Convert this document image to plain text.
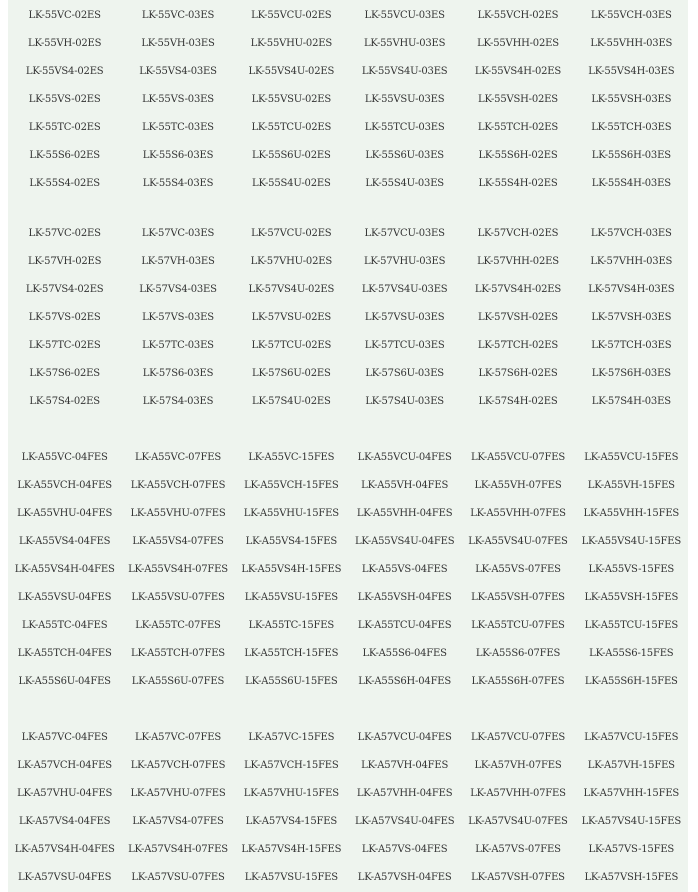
LK-55VC-02ES	LK-55VC-03ES	LK-55VCU-02ES	LK-55VCU-03ES	LK-55VCH-02ES	LK-55VCH-03ES
LK-55VH-02ES	LK-55VH-03ES	LK-55VHU-02ES	LK-55VHU-03ES	LK-55VHH-02ES	LK-55VHH-03ES
LK-55VS4-02ES	LK-55VS4-03ES	LK-55VS4U-02ES	LK-55VS4U-03ES	LK-55VS4H-02ES	LK-55VS4H-03ES
LK-55VS-02ES	LK-55VS-03ES	LK-55VSU-02ES	LK-55VSU-03ES	LK-55VSH-02ES	LK-55VSH-03ES
LK-55TC-02ES	LK-55TC-03ES	LK-55TCU-02ES	LK-55TCU-03ES	LK-55TCH-02ES	LK-55TCH-03ES
LK-55S6-02ES	LK-55S6-03ES	LK-55S6U-02ES	LK-55S6U-03ES	LK-55S6H-02ES	LK-55S6H-03ES
LK-55S4-02ES	LK-55S4-03ES	LK-55S4U-02ES	LK-55S4U-03ES	LK-55S4H-02ES	LK-55S4H-03ES
LK-57VC-02ES	LK-57VC-03ES	LK-57VCU-02ES	LK-57VCU-03ES	LK-57VCH-02ES	LK-57VCH-03ES
LK-57VH-02ES	LK-57VH-03ES	LK-57VHU-02ES	LK-57VHU-03ES	LK-57VHH-02ES	LK-57VHH-03ES
LK-57VS4-02ES	LK-57VS4-03ES	LK-57VS4U-02ES	LK-57VS4U-03ES	LK-57VS4H-02ES	LK-57VS4H-03ES
LK-57VS-02ES	LK-57VS-03ES	LK-57VSU-02ES	LK-57VSU-03ES	LK-57VSH-02ES	LK-57VSH-03ES
LK-57TC-02ES	LK-57TC-03ES	LK-57TCU-02ES	LK-57TCU-03ES	LK-57TCH-02ES	LK-57TCH-03ES
LK-57S6-02ES	LK-57S6-03ES	LK-57S6U-02ES	LK-57S6U-03ES	LK-57S6H-02ES	LK-57S6H-03ES
LK-57S4-02ES	LK-57S4-03ES	LK-57S4U-02ES	LK-57S4U-03ES	LK-57S4H-02ES	LK-57S4H-03ES
LK-A55VC-04FES	LK-A55VC-07FES	LK-A55VC-15FES	LK-A55VCU-04FES	LK-A55VCU-07FES	LK-A55VCU-15FES
LK-A55VCH-04FES	LK-A55VCH-07FES	LK-A55VCH-15FES	LK-A55VH-04FES	LK-A55VH-07FES	LK-A55VH-15FES
LK-A55VHU-04FES	LK-A55VHU-07FES	LK-A55VHU-15FES	LK-A55VHH-04FES	LK-A55VHH-07FES	LK-A55VHH-15FES
LK-A55VS4-04FES	LK-A55VS4-07FES	LK-A55VS4-15FES	LK-A55VS4U-04FES	LK-A55VS4U-07FES	LK-A55VS4U-15FES
LK-A55VS4H-04FES	LK-A55VS4H-07FES	LK-A55VS4H-15FES	LK-A55VS-04FES	LK-A55VS-07FES	LK-A55VS-15FES
LK-A55VSU-04FES	LK-A55VSU-07FES	LK-A55VSU-15FES	LK-A55VSH-04FES	LK-A55VSH-07FES	LK-A55VSH-15FES
LK-A55TC-04FES	LK-A55TC-07FES	LK-A55TC-15FES	LK-A55TCU-04FES	LK-A55TCU-07FES	LK-A55TCU-15FES
LK-A55TCH-04FES	LK-A55TCH-07FES	LK-A55TCH-15FES	LK-A55S6-04FES	LK-A55S6-07FES	LK-A55S6-15FES
LK-A55S6U-04FES	LK-A55S6U-07FES	LK-A55S6U-15FES	LK-A55S6H-04FES	LK-A55S6H-07FES	LK-A55S6H-15FES
LK-A57VC-04FES	LK-A57VC-07FES	LK-A57VC-15FES	LK-A57VCU-04FES	LK-A57VCU-07FES	LK-A57VCU-15FES
LK-A57VCH-04FES	LK-A57VCH-07FES	LK-A57VCH-15FES	LK-A57VH-04FES	LK-A57VH-07FES	LK-A57VH-15FES
LK-A57VHU-04FES	LK-A57VHU-07FES	LK-A57VHU-15FES	LK-A57VHH-04FES	LK-A57VHH-07FES	LK-A57VHH-15FES
LK-A57VS4-04FES	LK-A57VS4-07FES	LK-A57VS4-15FES	LK-A57VS4U-04FES	LK-A57VS4U-07FES	LK-A57VS4U-15FES
LK-A57VS4H-04FES	LK-A57VS4H-07FES	LK-A57VS4H-15FES	LK-A57VS-04FES	LK-A57VS-07FES	LK-A57VS-15FES
LK-A57VSU-04FES	LK-A57VSU-07FES	LK-A57VSU-15FES	LK-A57VSH-04FES	LK-A57VSH-07FES	LK-A57VSH-15FES
